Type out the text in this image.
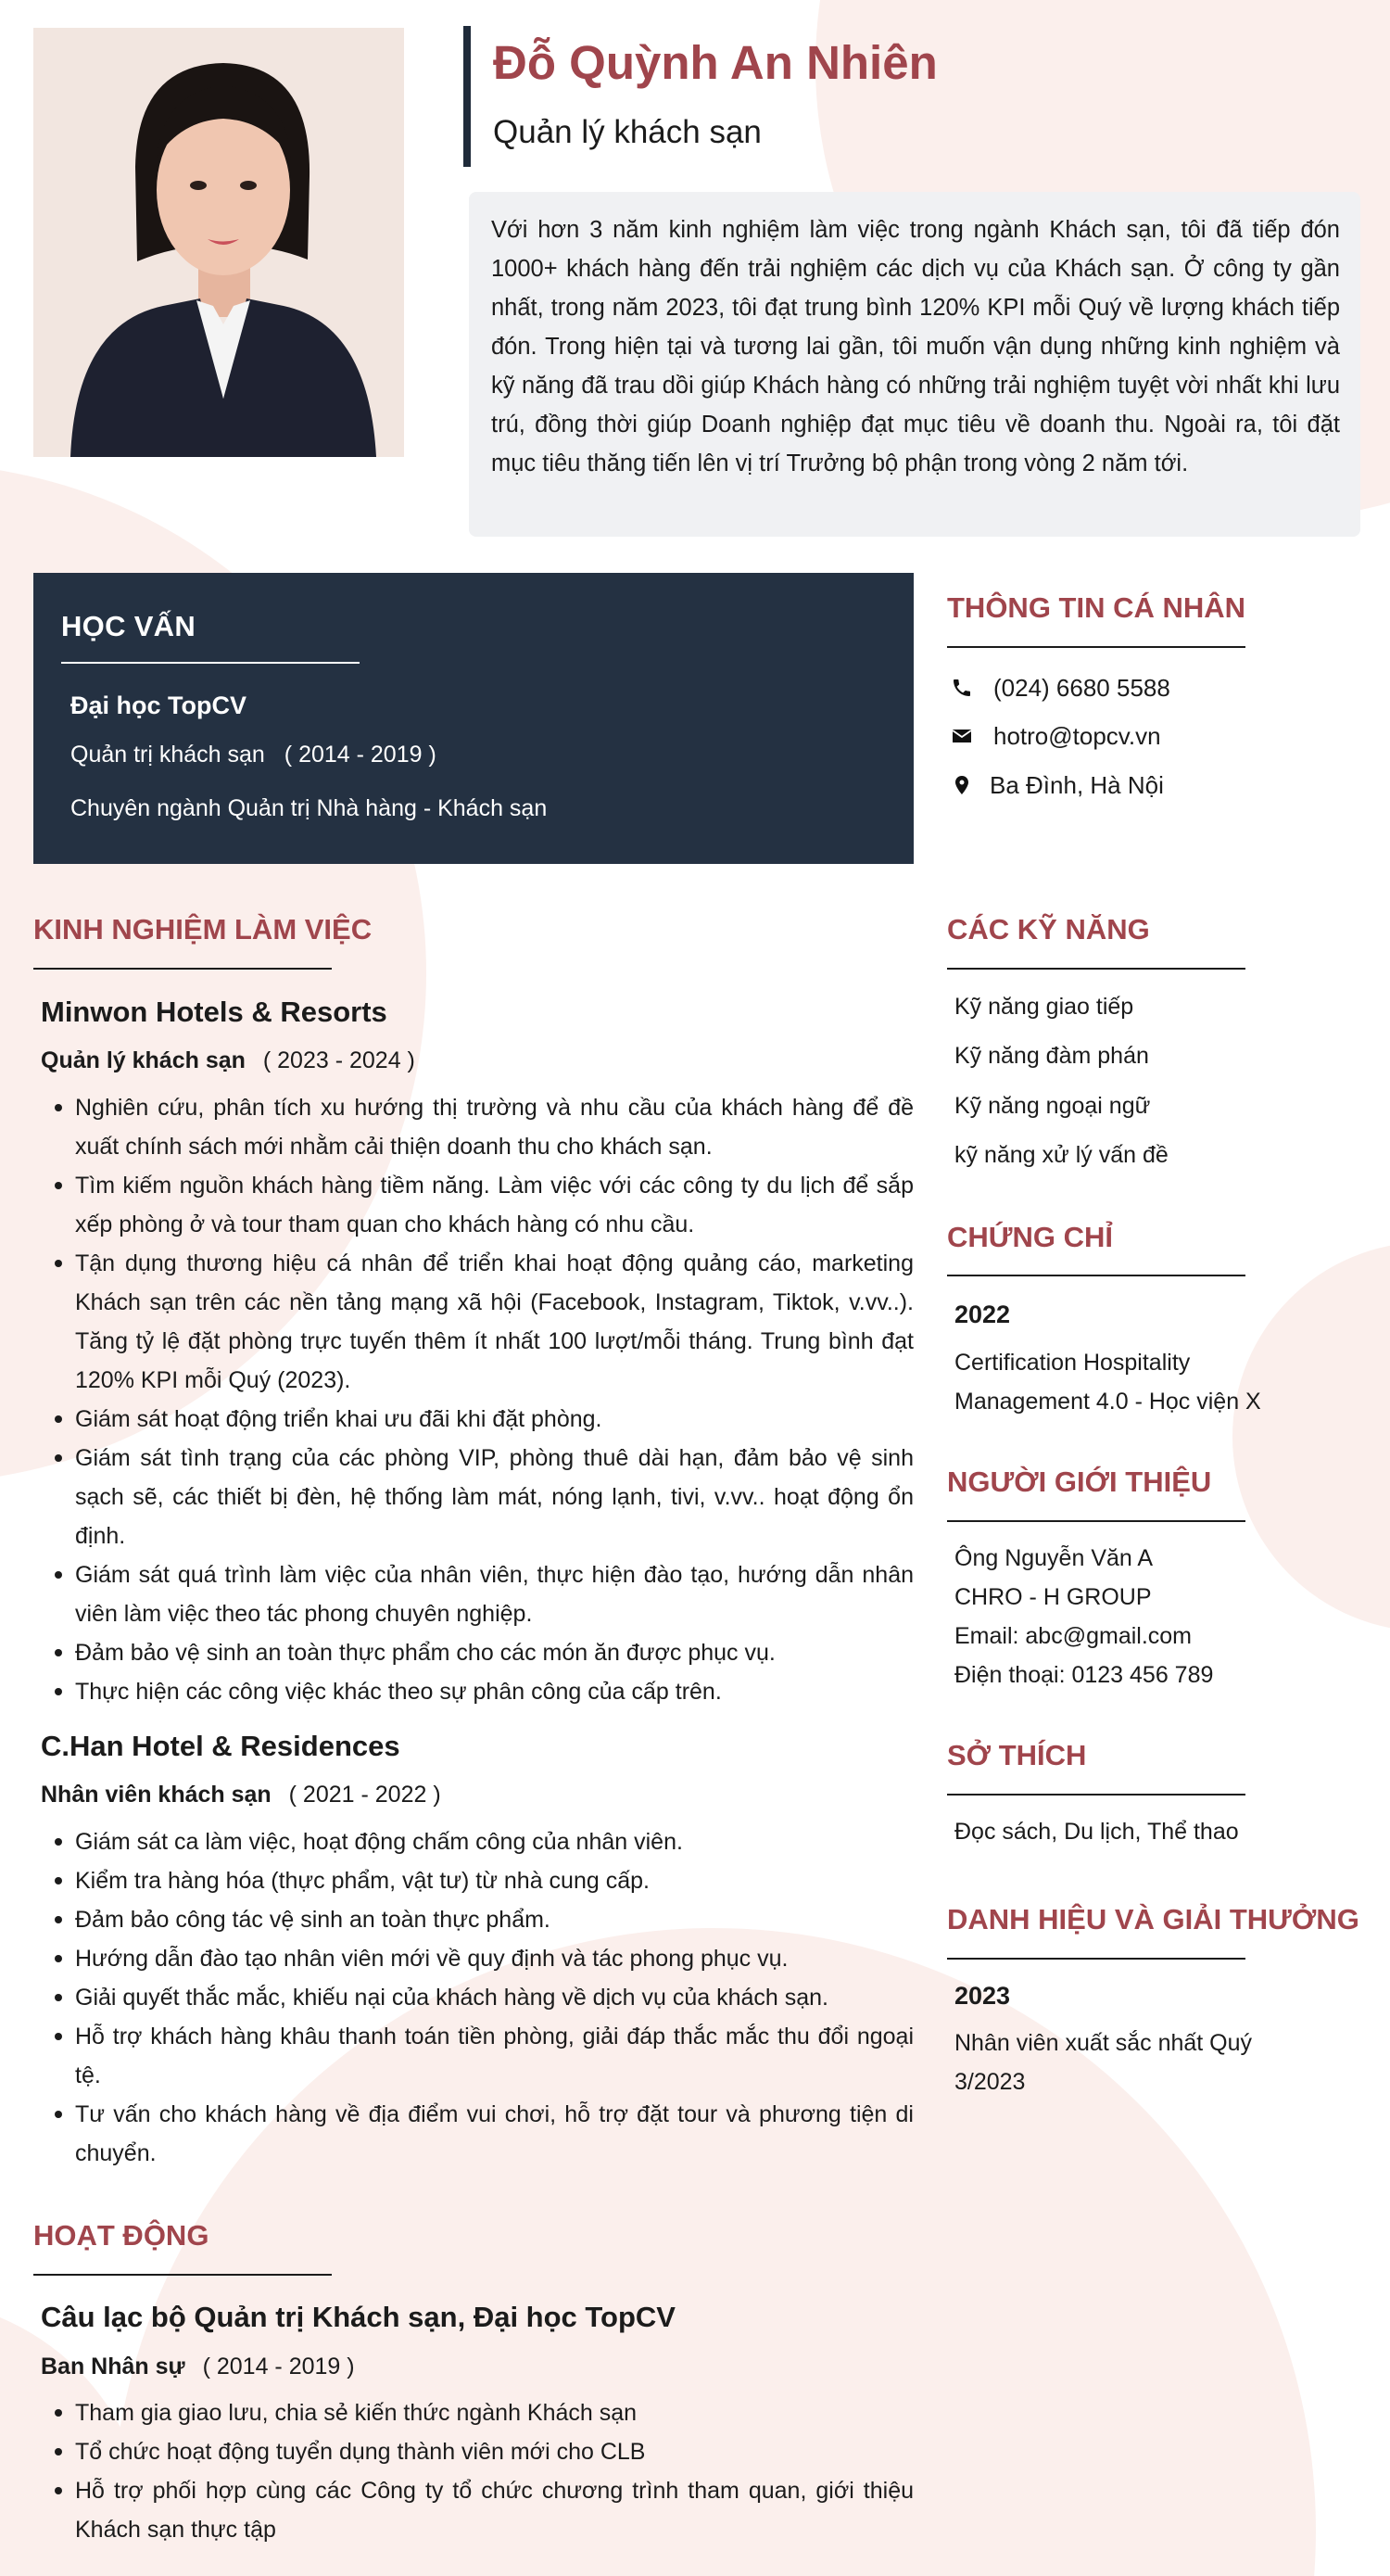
Đỗ Quỳnh An Nhiên
Quản lý khách sạn

Với hơn 3 năm kinh nghiệm làm việc trong ngành Khách sạn, tôi đã tiếp đón 1000+ khách hàng đến trải nghiệm các dịch vụ của Khách sạn. Ở công ty gần nhất, trong năm 2023, tôi đạt trung bình 120% KPI mỗi Quý về lượng khách tiếp đón. Trong hiện tại và tương lai gần, tôi muốn vận dụng những kinh nghiệm và kỹ năng đã trau dồi giúp Khách hàng có những trải nghiệm tuyệt vời nhất khi lưu trú, đồng thời giúp Doanh nghiệp đạt mục tiêu về doanh thu. Ngoài ra, tôi đặt mục tiêu thăng tiến lên vị trí Trưởng bộ phận trong vòng 2 năm tới.

HỌC VẤN
Đại học TopCV
Quản trị khách sạn ( 2014 - 2019 )
Chuyên ngành Quản trị Nhà hàng - Khách sạn
THÔNG TIN CÁ NHÂN
(024) 6680 5588
hotro@topcv.vn
Ba Đình, Hà Nội
KINH NGHIỆM LÀM VIỆC
Minwon Hotels & Resorts
Quản lý khách sạn ( 2023 - 2024 )
Nghiên cứu, phân tích xu hướng thị trường và nhu cầu của khách hàng để đề xuất chính sách mới nhằm cải thiện doanh thu cho khách sạn.
Tìm kiếm nguồn khách hàng tiềm năng. Làm việc với các công ty du lịch để sắp xếp phòng ở và tour tham quan cho khách hàng có nhu cầu.
Tận dụng thương hiệu cá nhân để triển khai hoạt động quảng cáo, marketing Khách sạn trên các nền tảng mạng xã hội (Facebook, Instagram, Tiktok, v.vv..). Tăng tỷ lệ đặt phòng trực tuyến thêm ít nhất 100 lượt/mỗi tháng. Trung bình đạt 120% KPI mỗi Quý (2023).
Giám sát hoạt động triển khai ưu đãi khi đặt phòng.
Giám sát tình trạng của các phòng VIP, phòng thuê dài hạn, đảm bảo vệ sinh sạch sẽ, các thiết bị đèn, hệ thống làm mát, nóng lạnh, tivi, v.vv.. hoạt động ổn định.
Giám sát quá trình làm việc của nhân viên, thực hiện đào tạo, hướng dẫn nhân viên làm việc theo tác phong chuyên nghiệp.
Đảm bảo vệ sinh an toàn thực phẩm cho các món ăn được phục vụ.
Thực hiện các công việc khác theo sự phân công của cấp trên.
C.Han Hotel & Residences
Nhân viên khách sạn ( 2021 - 2022 )
Giám sát ca làm việc, hoạt động chấm công của nhân viên.
Kiểm tra hàng hóa (thực phẩm, vật tư) từ nhà cung cấp.
Đảm bảo công tác vệ sinh an toàn thực phẩm.
Hướng dẫn đào tạo nhân viên mới về quy định và tác phong phục vụ.
Giải quyết thắc mắc, khiếu nại của khách hàng về dịch vụ của khách sạn.
Hỗ trợ khách hàng khâu thanh toán tiền phòng, giải đáp thắc mắc thu đổi ngoại tệ.
Tư vấn cho khách hàng về địa điểm vui chơi, hỗ trợ đặt tour và phương tiện di chuyển.
HOẠT ĐỘNG
Câu lạc bộ Quản trị Khách sạn, Đại học TopCV
Ban Nhân sự ( 2014 - 2019 )
Tham gia giao lưu, chia sẻ kiến thức ngành Khách sạn
Tổ chức hoạt động tuyển dụng thành viên mới cho CLB
Hỗ trợ phối hợp cùng các Công ty tổ chức chương trình tham quan, giới thiệu Khách sạn thực tập
CÁC KỸ NĂNG
Kỹ năng giao tiếp
Kỹ năng đàm phán
Kỹ năng ngoại ngữ
kỹ năng xử lý vấn đề
CHỨNG CHỈ
2022
Certification Hospitality
Management 4.0 - Học viện X
NGƯỜI GIỚI THIỆU
Ông Nguyễn Văn A
CHRO - H GROUP
Email: abc@gmail.com
Điện thoại: 0123 456 789
SỞ THÍCH
Đọc sách, Du lịch, Thể thao
DANH HIỆU VÀ GIẢI THƯỞNG
2023
Nhân viên xuất sắc nhất Quý
3/2023
